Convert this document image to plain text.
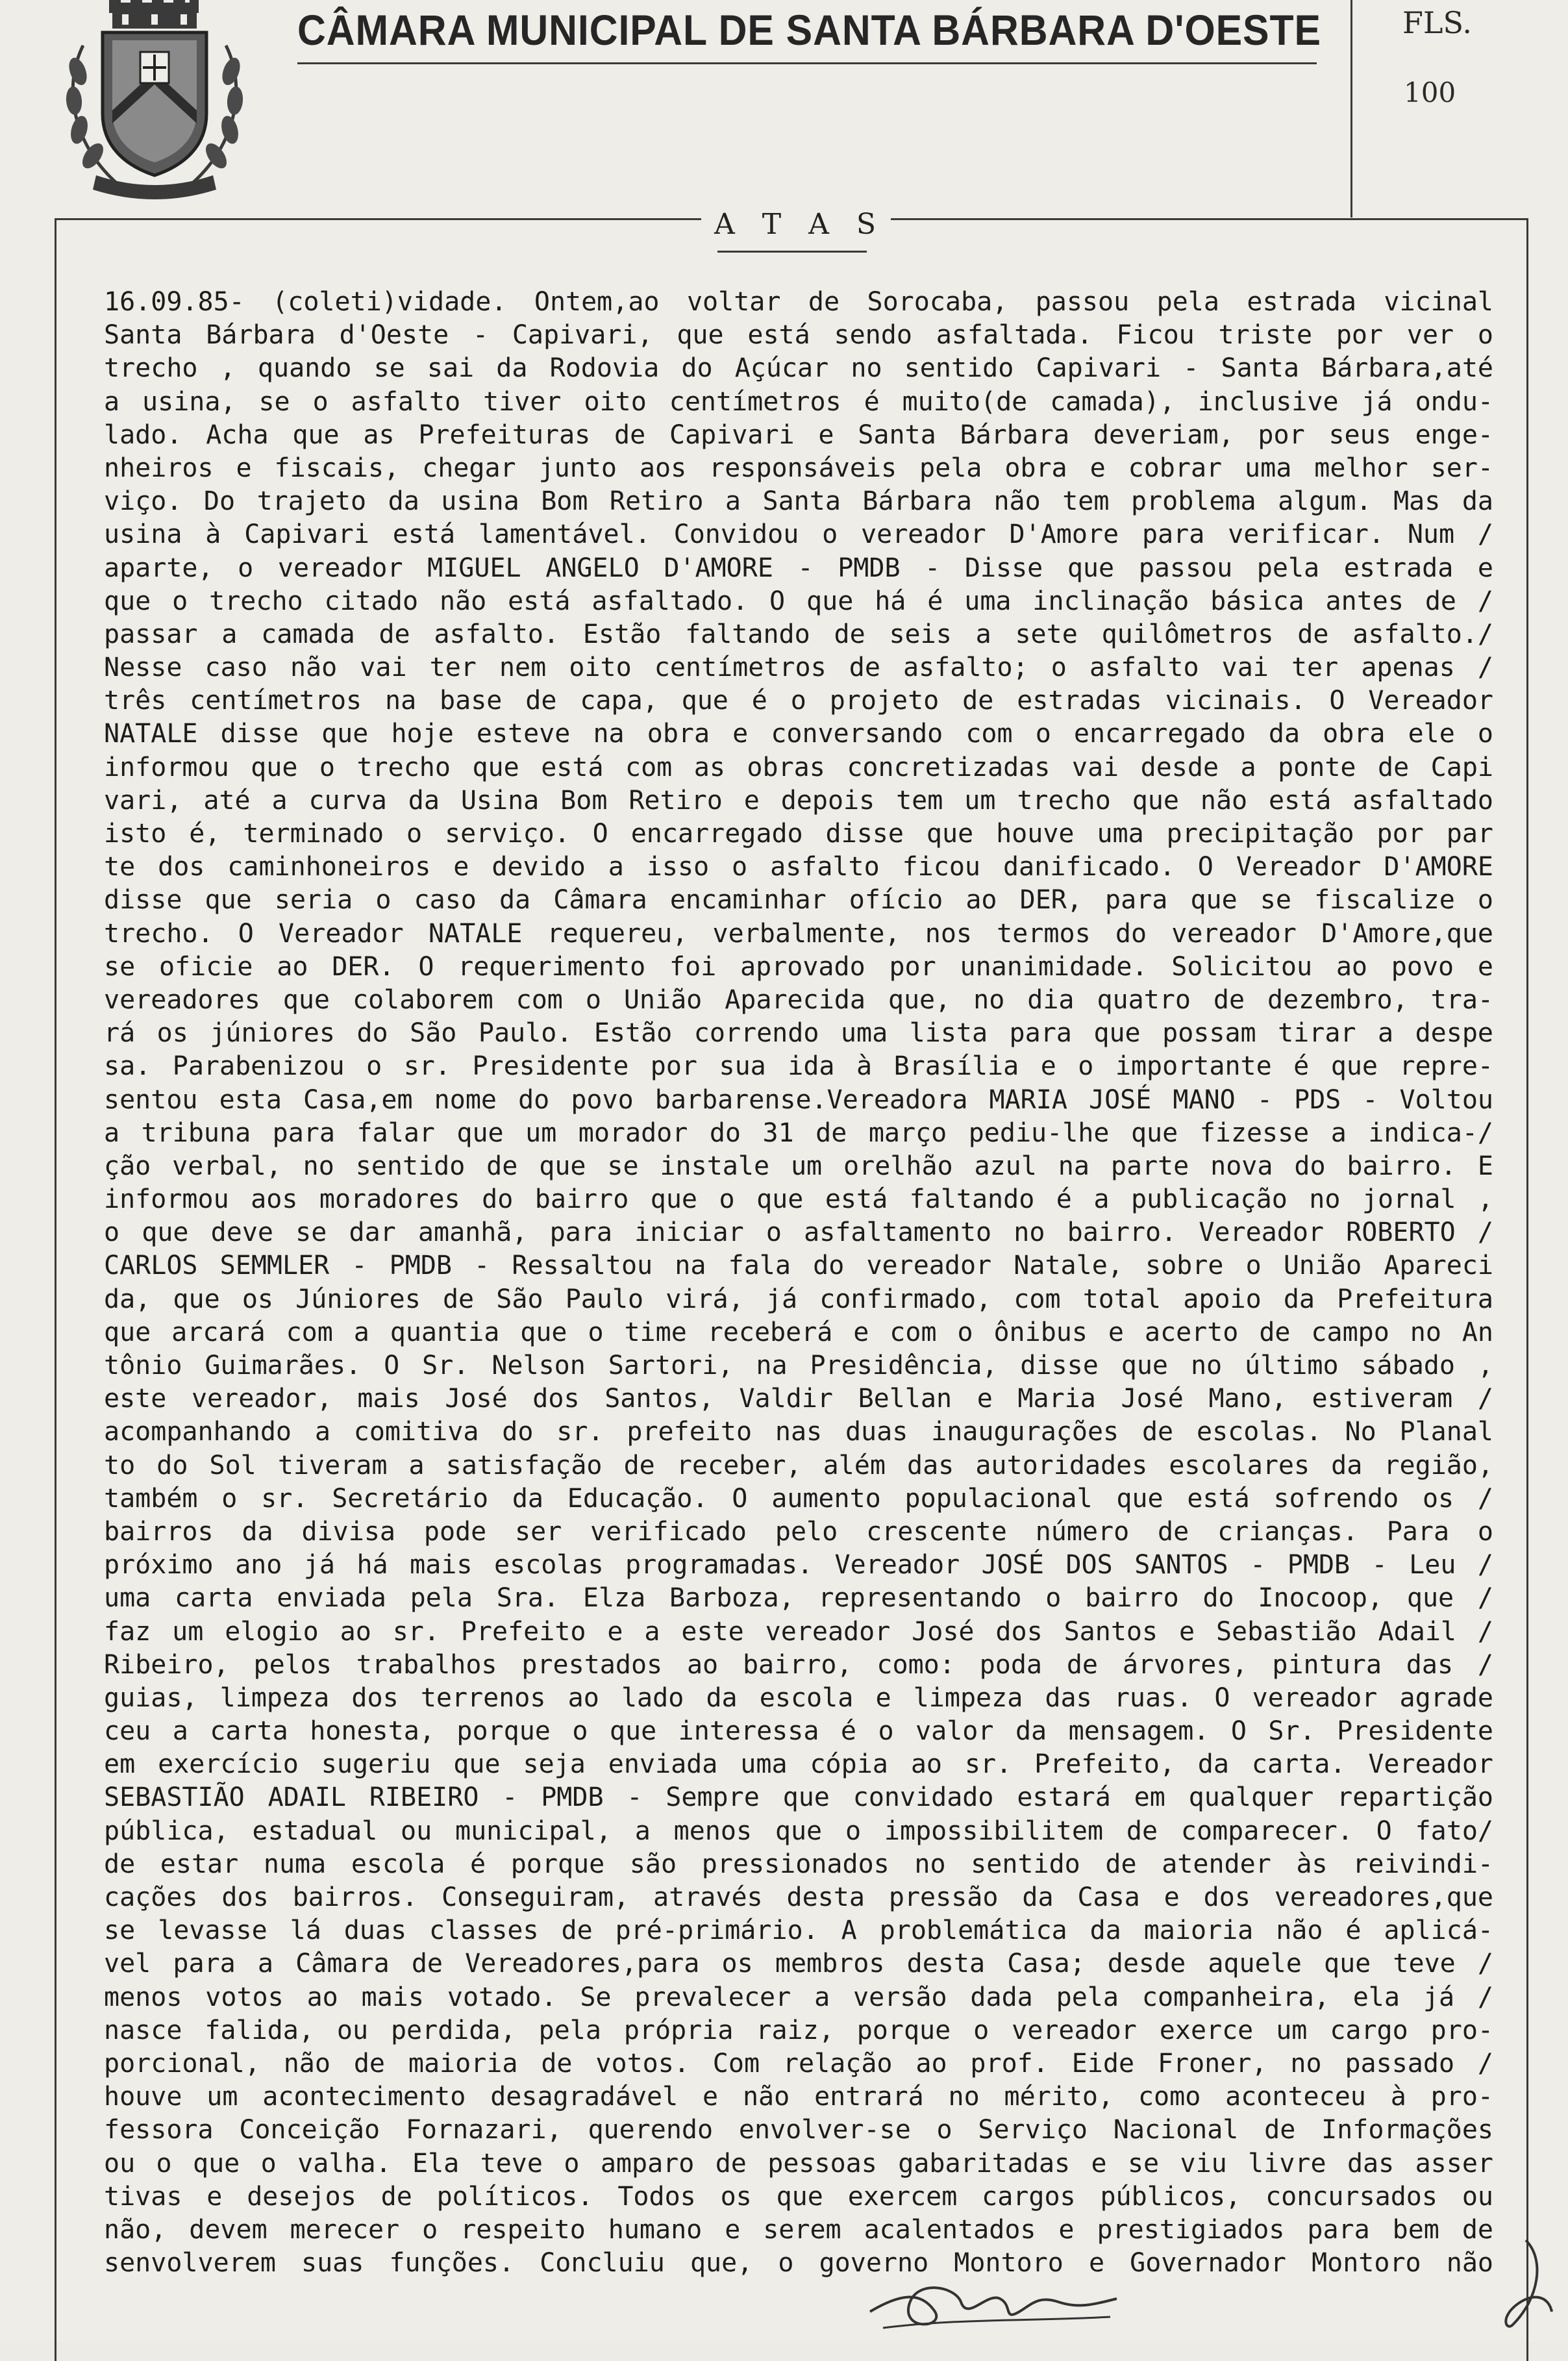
CÂMARA MUNICIPAL DE SANTA BÁRBARA D'OESTE	FLS.
100
A T A S
16.09.85- (coleti)vidade. Ontem,ao voltar de Sorocaba, passou pela estrada vicinal
Santa Bárbara d'Oeste - Capivari, que está sendo asfaltada. Ficou triste por ver o
trecho , quando se sai da Rodovia do Açúcar no sentido Capivari - Santa Bárbara,até
a usina, se o asfalto tiver oito centímetros é muito(de camada), inclusive já ondu-
lado. Acha que as Prefeituras de Capivari e Santa Bárbara deveriam, por seus enge-
nheiros e fiscais, chegar junto aos responsáveis pela obra e cobrar uma melhor ser-
viço. Do trajeto da usina Bom Retiro a Santa Bárbara não tem problema algum. Mas da
usina à Capivari está lamentável. Convidou o vereador D'Amore para verificar. Num /
aparte, o vereador MIGUEL ANGELO D'AMORE - PMDB - Disse que passou pela estrada e
que o trecho citado não está asfaltado. O que há é uma inclinação básica antes de /
passar a camada de asfalto. Estão faltando de seis a sete quilômetros de asfalto./
Nesse caso não vai ter nem oito centímetros de asfalto; o asfalto vai ter apenas /
três centímetros na base de capa, que é o projeto de estradas vicinais. O Vereador
NATALE disse que hoje esteve na obra e conversando com o encarregado da obra ele o
informou que o trecho que está com as obras concretizadas vai desde a ponte de Capi
vari, até a curva da Usina Bom Retiro e depois tem um trecho que não está asfaltado
isto é, terminado o serviço. O encarregado disse que houve uma precipitação por par
te dos caminhoneiros e devido a isso o asfalto ficou danificado. O Vereador D'AMORE
disse que seria o caso da Câmara encaminhar ofício ao DER, para que se fiscalize o
trecho. O Vereador NATALE requereu, verbalmente, nos termos do vereador D'Amore,que
se oficie ao DER. O requerimento foi aprovado por unanimidade. Solicitou ao povo e
vereadores que colaborem com o União Aparecida que, no dia quatro de dezembro, tra-
rá os júniores do São Paulo. Estão correndo uma lista para que possam tirar a despe
sa. Parabenizou o sr. Presidente por sua ida à Brasília e o importante é que repre-
sentou esta Casa,em nome do povo barbarense.Vereadora MARIA JOSÉ MANO - PDS - Voltou
a tribuna para falar que um morador do 31 de março pediu-lhe que fizesse a indica-/
ção verbal, no sentido de que se instale um orelhão azul na parte nova do bairro. E
informou aos moradores do bairro que o que está faltando é a publicação no jornal ,
o que deve se dar amanhã, para iniciar o asfaltamento no bairro. Vereador ROBERTO /
CARLOS SEMMLER - PMDB - Ressaltou na fala do vereador Natale, sobre o União Apareci
da, que os Júniores de São Paulo virá, já confirmado, com total apoio da Prefeitura
que arcará com a quantia que o time receberá e com o ônibus e acerto de campo no An
tônio Guimarães. O Sr. Nelson Sartori, na Presidência, disse que no último sábado ,
este vereador, mais José dos Santos, Valdir Bellan e Maria José Mano, estiveram /
acompanhando a comitiva do sr. prefeito nas duas inaugurações de escolas. No Planal
to do Sol tiveram a satisfação de receber, além das autoridades escolares da região,
também o sr. Secretário da Educação. O aumento populacional que está sofrendo os /
bairros da divisa pode ser verificado pelo crescente número de crianças. Para o
próximo ano já há mais escolas programadas. Vereador JOSÉ DOS SANTOS - PMDB - Leu /
uma carta enviada pela Sra. Elza Barboza, representando o bairro do Inocoop, que /
faz um elogio ao sr. Prefeito e a este vereador José dos Santos e Sebastião Adail /
Ribeiro, pelos trabalhos prestados ao bairro, como: poda de árvores, pintura das /
guias, limpeza dos terrenos ao lado da escola e limpeza das ruas. O vereador agrade
ceu a carta honesta, porque o que interessa é o valor da mensagem. O Sr. Presidente
em exercício sugeriu que seja enviada uma cópia ao sr. Prefeito, da carta. Vereador
SEBASTIÃO ADAIL RIBEIRO - PMDB - Sempre que convidado estará em qualquer repartição
pública, estadual ou municipal, a menos que o impossibilitem de comparecer. O fato/
de estar numa escola é porque são pressionados no sentido de atender às reivindi-
cações dos bairros. Conseguiram, através desta pressão da Casa e dos vereadores,que
se levasse lá duas classes de pré-primário. A problemática da maioria não é aplicá-
vel para a Câmara de Vereadores,para os membros desta Casa; desde aquele que teve /
menos votos ao mais votado. Se prevalecer a versão dada pela companheira, ela já /
nasce falida, ou perdida, pela própria raiz, porque o vereador exerce um cargo pro-
porcional, não de maioria de votos. Com relação ao prof. Eide Froner, no passado /
houve um acontecimento desagradável e não entrará no mérito, como aconteceu à pro-
fessora Conceição Fornazari, querendo envolver-se o Serviço Nacional de Informações
ou o que o valha. Ela teve o amparo de pessoas gabaritadas e se viu livre das asser
tivas e desejos de políticos. Todos os que exercem cargos públicos, concursados ou
não, devem merecer o respeito humano e serem acalentados e prestigiados para bem de
senvolverem suas funções. Concluiu que, o governo Montoro e Governador Montoro não
